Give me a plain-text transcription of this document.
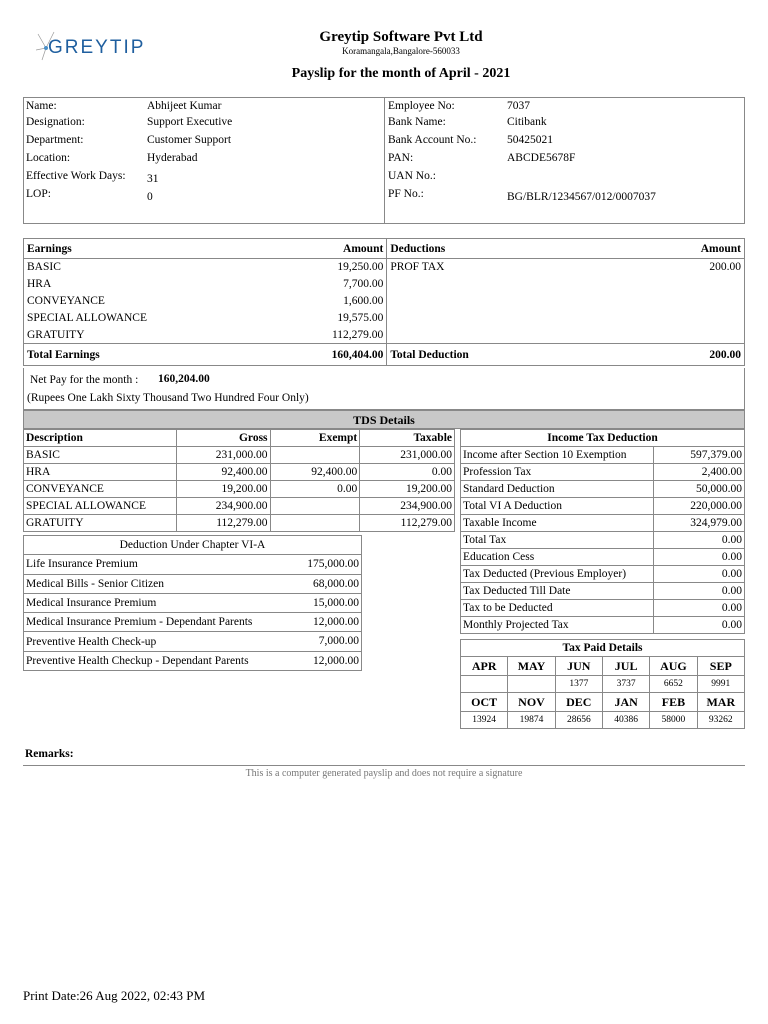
GREYTIP	Greytip Software Pvt Ltd
Koramangala,Bangalore-560033
Payslip for the month of April - 2021
Name:	Abhijeet Kumar
Designation:	Support Executive
Department:	Customer Support
Location:	Hyderabad
Effective Work Days: 31
LOP:	0
Employee No:	7037
Bank Name:	Citibank
Bank Account No.:	50425021
PAN:	ABCDE5678F
UAN No.:
PF No.:	BG/BLR/1234567/012/0007037
Earnings	Amount	Deductions	Amount
BASIC	19,250.00	PROF TAX	200.00
HRA	7,700.00		
CONVEYANCE	1,600.00		
SPECIAL ALLOWANCE	19,575.00		
GRATUITY	112,279.00		
Total Earnings	160,404.00	Total Deduction	200.00
Net Pay for the month : 160,204.00
(Rupees One Lakh Sixty Thousand Two Hundred Four Only)
TDS Details
Description	Gross	Exempt	Taxable
BASIC	231,000.00		231,000.00
HRA	92,400.00	92,400.00	0.00
CONVEYANCE	19,200.00	0.00	19,200.00
SPECIAL ALLOWANCE	234,900.00		234,900.00
GRATUITY	112,279.00		112,279.00
Deduction Under Chapter VI-A
Life Insurance Premium	175,000.00

Medical Bills - Senior Citizen	68,000.00

Medical Insurance Premium	15,000.00

Medical Insurance Premium - Dependant Parents	12,000.00

Preventive Health Check-up	7,000.00

Preventive Health Checkup - Dependant Parents	12,000.00
Income Tax Deduction	
Income after Section 10 Exemption	597,379.00
Profession Tax	2,400.00
Standard Deduction	50,000.00
Total VI A Deduction	220,000.00
Taxable Income	324,979.00
Total Tax	0.00
Education Cess	0.00
Tax Deducted (Previous Employer)	0.00
Tax Deducted Till Date	0.00
Tax to be Deducted	0.00
Monthly Projected Tax	0.00
Tax Paid Details					
APR	MAY	JUN	JUL	AUG	SEP
		1377	3737	6652	9991
OCT	NOV	DEC	JAN	FEB	MAR
13924	19874	28656	40386	58000	93262
Remarks:
This is a computer generated payslip and does not require a signature
Print Date:26 Aug 2022, 02:43 PM
